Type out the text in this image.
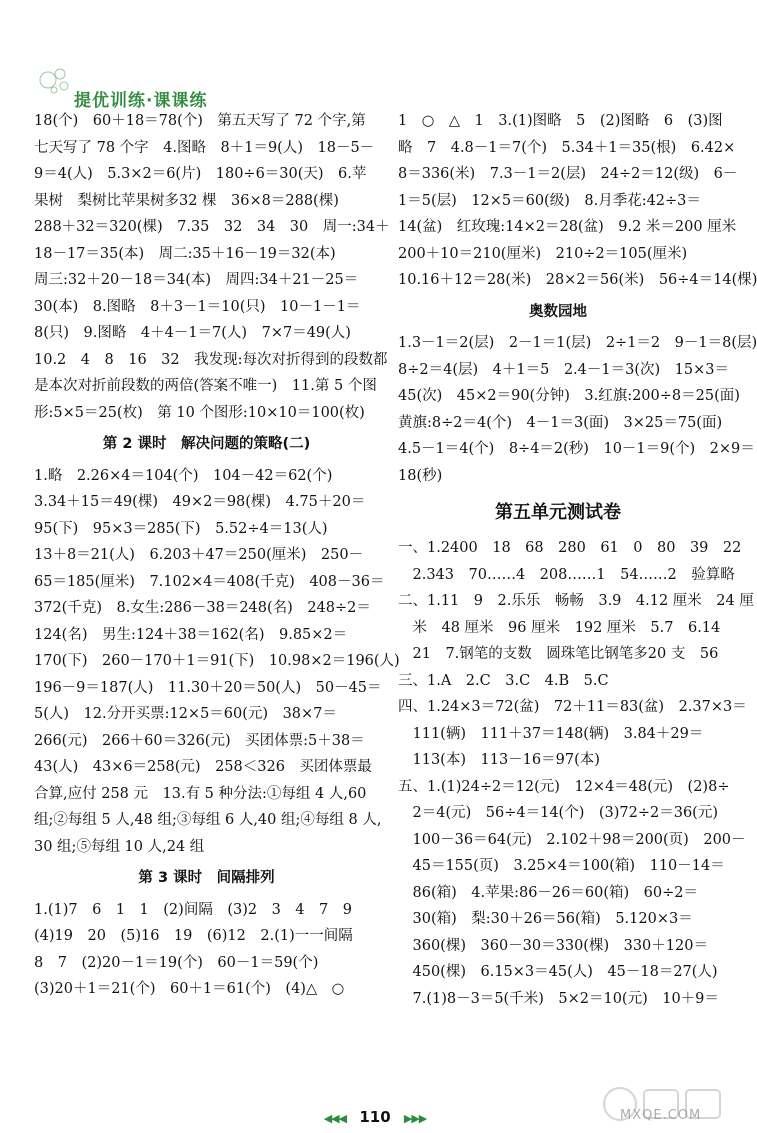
提优训练·课课练
18(个)　60＋18＝78(个)　第五天写了 72 个字,第
七天写了 78 个字　4.图略　8＋1＝9(人)　18－5－
9＝4(人)　5.3×2＝6(片)　180÷6＝30(天)　6.苹
果树　梨树比苹果树多32 棵　36×8＝288(棵)
288＋32＝320(棵)　7.35　32　34　30　周一:34＋
18－17＝35(本)　周二:35＋16－19＝32(本)
周三:32＋20－18＝34(本)　周四:34＋21－25＝
30(本)　8.图略　8＋3－1＝10(只)　10－1－1＝
8(只)　9.图略　4＋4－1＝7(人)　7×7＝49(人)
10.2　4　8　16　32　我发现:每次对折得到的段数都
是本次对折前段数的两倍(答案不唯一)　11.第 5 个图
形:5×5＝25(枚)　第 10 个图形:10×10＝100(枚)
第 2 课时　解决问题的策略(二)
1.略　2.26×4＝104(个)　104－42＝62(个)
3.34＋15＝49(棵)　49×2＝98(棵)　4.75＋20＝
95(下)　95×3＝285(下)　5.52÷4＝13(人)
13＋8＝21(人)　6.203＋47＝250(厘米)　250－
65＝185(厘米)　7.102×4＝408(千克)　408－36＝
372(千克)　8.女生:286－38＝248(名)　248÷2＝
124(名)　男生:124＋38＝162(名)　9.85×2＝
170(下)　260－170＋1＝91(下)　10.98×2＝196(人)
196－9＝187(人)　11.30＋20＝50(人)　50－45＝
5(人)　12.分开买票:12×5＝60(元)　38×7＝
266(元)　266＋60＝326(元)　买团体票:5＋38＝
43(人)　43×6＝258(元)　258＜326　买团体票最
合算,应付 258 元　13.有 5 种分法:①每组 4 人,60
组;②每组 5 人,48 组;③每组 6 人,40 组;④每组 8 人,
30 组;⑤每组 10 人,24 组
第 3 课时　间隔排列
1.(1)7　6　1　1　(2)间隔　(3)2　3　4　7　9
(4)19　20　(5)16　19　(6)12　2.(1)一一间隔
8　7　(2)20－1＝19(个)　60－1＝59(个)
(3)20＋1＝21(个)　60＋1＝61(个)　(4)△　○
1　○　△　1　3.(1)图略　5　(2)图略　6　(3)图
略　7　4.8－1＝7(个)　5.34＋1＝35(根)　6.42×
8＝336(米)　7.3－1＝2(层)　24÷2＝12(级)　6－
1＝5(层)　12×5＝60(级)　8.月季花:42÷3＝
14(盆)　红玫瑰:14×2＝28(盆)　9.2 米＝200 厘米
200＋10＝210(厘米)　210÷2＝105(厘米)
10.16＋12＝28(米)　28×2＝56(米)　56÷4＝14(棵)
奥数园地
1.3－1＝2(层)　2－1＝1(层)　2÷1＝2　9－1＝8(层)
8÷2＝4(层)　4＋1＝5　2.4－1＝3(次)　15×3＝
45(次)　45×2＝90(分钟)　3.红旗:200÷8＝25(面)
黄旗:8÷2＝4(个)　4－1＝3(面)　3×25＝75(面)
4.5－1＝4(个)　8÷4＝2(秒)　10－1＝9(个)　2×9＝
18(秒)
第五单元测试卷
一、1.2400　18　68　280　61　0　80　39　22
　2.343　70……4　208……1　54……2　验算略
二、1.11　9　2.乐乐　畅畅　3.9　4.12 厘米　24 厘
　米　48 厘米　96 厘米　192 厘米　5.7　6.14
　21　7.钢笔的支数　圆珠笔比钢笔多20 支　56
三、1.A　2.C　3.C　4.B　5.C
四、1.24×3＝72(盆)　72＋11＝83(盆)　2.37×3＝
　111(辆)　111＋37＝148(辆)　3.84＋29＝
　113(本)　113－16＝97(本)
五、1.(1)24÷2＝12(元)　12×4＝48(元)　(2)8÷
　2＝4(元)　56÷4＝14(个)　(3)72÷2＝36(元)
　100－36＝64(元)　2.102＋98＝200(页)　200－
　45＝155(页)　3.25×4＝100(箱)　110－14＝
　86(箱)　4.苹果:86－26＝60(箱)　60÷2＝
　30(箱)　梨:30＋26＝56(箱)　5.120×3＝
　360(棵)　360－30＝330(棵)　330＋120＝
　450(棵)　6.15×3＝45(人)　45－18＝27(人)
　7.(1)8－3＝5(千米)　5×2＝10(元)　10＋9＝
◀◀◀ 110 ▶▶▶	MXQE.COM
